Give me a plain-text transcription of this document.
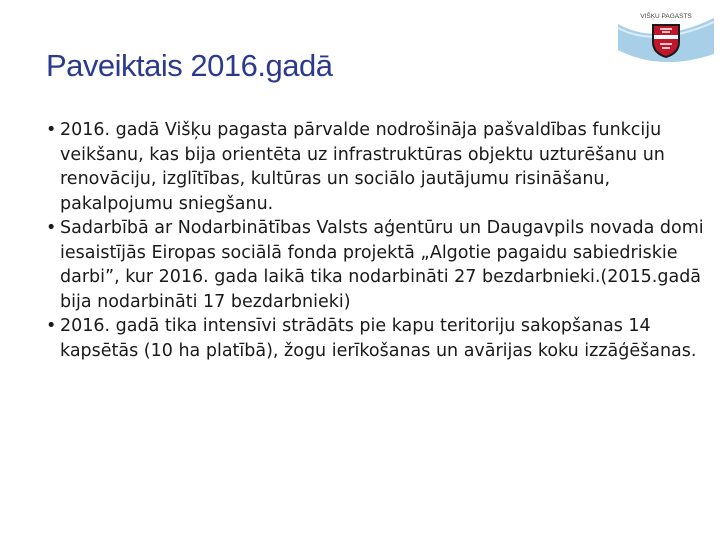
VIŠĶU PAGASTS
Paveiktais 2016.gadā
• 2016. gadā Višķu pagasta pārvalde nodrošināja pašvaldības funkciju veikšanu, kas bija orientēta uz infrastruktūras objektu uzturēšanu un renovāciju, izglītības, kultūras un sociālo jautājumu risināšanu, pakalpojumu sniegšanu.
• Sadarbībā ar Nodarbinātības Valsts aģentūru un Daugavpils novada domi iesaistījās Eiropas sociālā fonda projektā „Algotie pagaidu sabiedriskie darbi”, kur 2016. gada laikā tika nodarbināti 27 bezdarbnieki.(2015.gadā bija nodarbināti 17 bezdarbnieki)
• 2016. gadā tika intensīvi strādāts pie kapu teritoriju sakopšanas 14 kapsētās (10 ha platībā), žogu ierīkošanas un avārijas koku izzāģēšanas.
